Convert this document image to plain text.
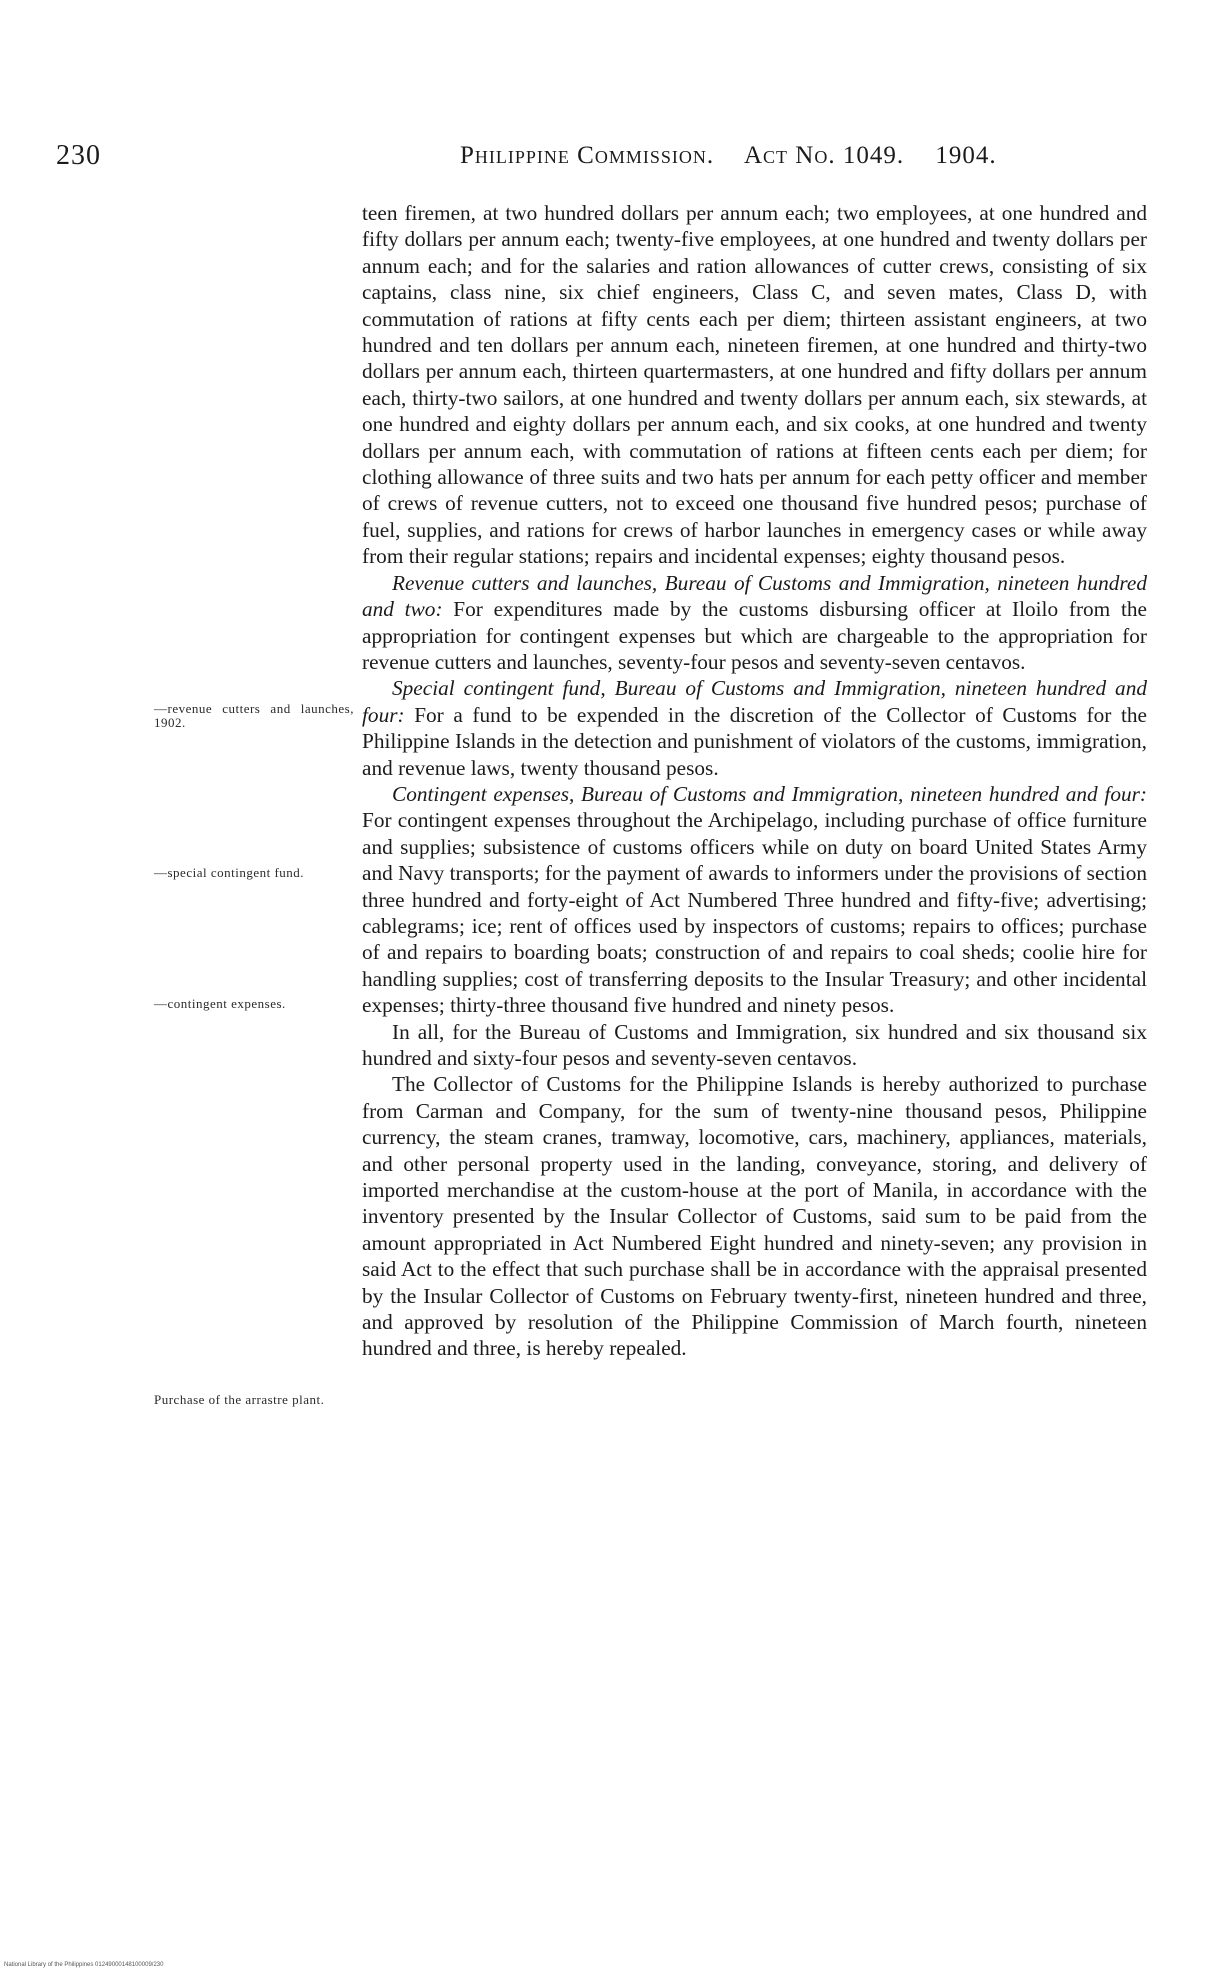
230	Philippine Commission. Act No. 1049. 1904.
—revenue cutters and launches, 1902.
—special contingent fund.
—contingent expenses.
Purchase of the arrastre plant.

teen firemen, at two hundred dollars per annum each; two employees, at one hundred and fifty dollars per annum each; twenty-five employees, at one hundred and twenty dollars per annum each; and for the salaries and ration allowances of cutter crews, consisting of six captains, class nine, six chief engineers, Class C, and seven mates, Class D, with commutation of rations at fifty cents each per diem; thirteen assistant engineers, at two hundred and ten dollars per annum each, nineteen firemen, at one hundred and thirty-two dollars per annum each, thirteen quartermasters, at one hundred and fifty dollars per annum each, thirty-two sailors, at one hundred and twenty dollars per annum each, six stewards, at one hundred and eighty dollars per annum each, and six cooks, at one hundred and twenty dollars per annum each, with commutation of rations at fifteen cents each per diem; for clothing allowance of three suits and two hats per annum for each petty officer and member of crews of revenue cutters, not to exceed one thousand five hundred pesos; purchase of fuel, supplies, and rations for crews of harbor launches in emergency cases or while away from their regular stations; repairs and incidental expenses; eighty thousand pesos.

Revenue cutters and launches, Bureau of Customs and Immigration, nineteen hundred and two: For expenditures made by the customs disbursing officer at Iloilo from the appropriation for contingent expenses but which are chargeable to the appropriation for revenue cutters and launches, seventy-four pesos and seventy-seven centavos.

Special contingent fund, Bureau of Customs and Immigration, nineteen hundred and four: For a fund to be expended in the discretion of the Collector of Customs for the Philippine Islands in the detection and punishment of violators of the customs, immigration, and revenue laws, twenty thousand pesos.

Contingent expenses, Bureau of Customs and Immigration, nineteen hundred and four: For contingent expenses throughout the Archipelago, including purchase of office furniture and supplies; subsistence of customs officers while on duty on board United States Army and Navy transports; for the payment of awards to informers under the provisions of section three hundred and forty-eight of Act Numbered Three hundred and fifty-five; advertising; cablegrams; ice; rent of offices used by inspectors of customs; repairs to offices; purchase of and repairs to boarding boats; construction of and repairs to coal sheds; coolie hire for handling supplies; cost of transferring deposits to the Insular Treasury; and other incidental expenses; thirty-three thousand five hundred and ninety pesos.

In all, for the Bureau of Customs and Immigration, six hundred and six thousand six hundred and sixty-four pesos and seventy-seven centavos.

The Collector of Customs for the Philippine Islands is hereby authorized to purchase from Carman and Company, for the sum of twenty-nine thousand pesos, Philippine currency, the steam cranes, tramway, locomotive, cars, machinery, appliances, materials, and other personal property used in the landing, conveyance, storing, and delivery of imported merchandise at the custom-house at the port of Manila, in accordance with the inventory presented by the Insular Collector of Customs, said sum to be paid from the amount appropriated in Act Numbered Eight hundred and ninety-seven; any provision in said Act to the effect that such purchase shall be in accordance with the appraisal presented by the Insular Collector of Customs on February twenty-first, nineteen hundred and three, and approved by resolution of the Philippine Commission of March fourth, nineteen hundred and three, is hereby repealed.

National Library of the Philippines 01249000148100009/230
